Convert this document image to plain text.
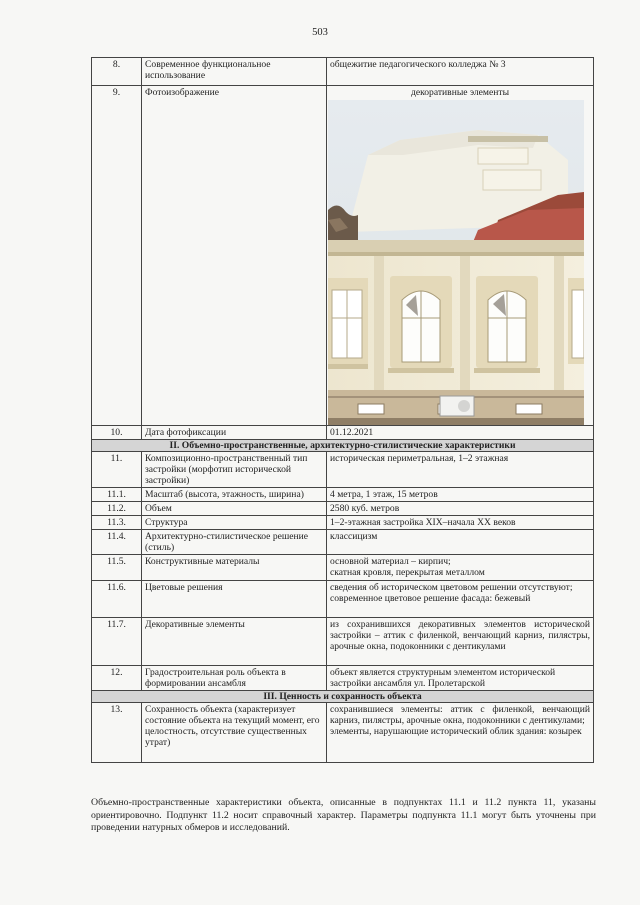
503
8.	Современное функциональное использование	общежитие педагогического колледжа № 3
9.	Фотоизображение	декоративные элементы

10.	Дата фотофиксации	01.12.2021
II. Объемно-пространственные, архитектурно-стилистические характеристики		
11.	Композиционно-пространственный тип застройки (морфотип исторической застройки)	историческая периметральная, 1–2 этажная
11.1.	Масштаб (высота, этажность, ширина)	4 метра, 1 этаж, 15 метров
11.2.	Объем	2580 куб. метров
11.3.	Структура	1–2-этажная застройка XIX–начала XX веков
11.4.	Архитектурно-стилистическое решение (стиль)	классицизм
11.5.	Конструктивные материалы	основной материал – кирпич;
скатная кровля, перекрытая металлом
11.6.	Цветовые решения	сведения об историческом цветовом решении отсутствуют;
современное цветовое решение фасада: бежевый
11.7.	Декоративные элементы	из сохранившихся декоративных элементов исторической застройки – аттик с филенкой, венчающий карниз, пилястры, арочные окна, подоконники с дентикулами
12.	Градостроительная роль объекта в формировании ансамбля	объект является структурным элементом исторической застройки ансамбля ул. Пролетарской
III. Ценность и сохранность объекта		
13.	Сохранность объекта (характеризует состояние объекта на текущий момент, его целостность, отсутствие существенных утрат)	сохранившиеся элементы: аттик с филенкой, венчающий карниз, пилястры, арочные окна, подоконники с дентикулами;
элементы, нарушающие исторический облик здания: козырек

Объемно-пространственные характеристики объекта, описанные в подпунктах 11.1 и 11.2 пункта 11, указаны ориентировочно. Подпункт 11.2 носит справочный характер. Параметры подпункта 11.1 могут быть уточнены при проведении натурных обмеров и исследований.
